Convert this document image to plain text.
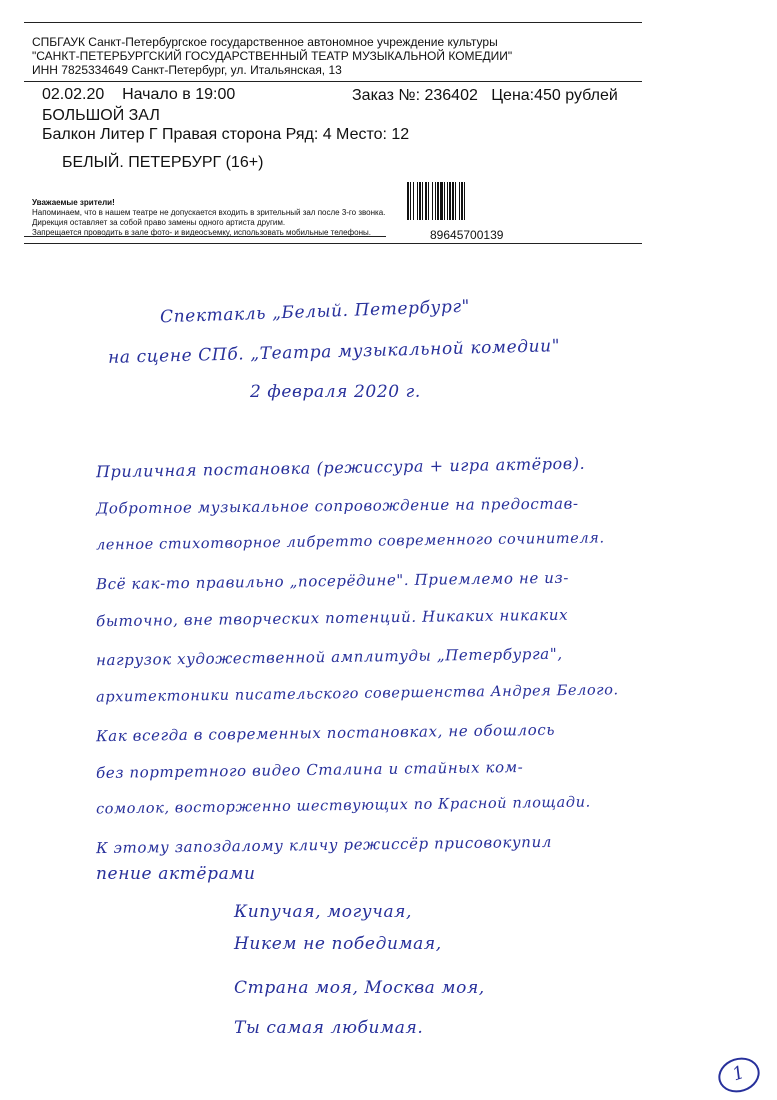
СПБГАУК Санкт-Петербургское государственное автономное учреждение культуры
"САНКТ-ПЕТЕРБУРГСКИЙ ГОСУДАРСТВЕННЫЙ ТЕАТР МУЗЫКАЛЬНОЙ КОМЕДИИ"
ИНН 7825334649 Санкт-Петербург, ул. Итальянская, 13
02.02.20 Начало в 19:00	Заказ №: 236402 Цена:450 рублей
БОЛЬШОЙ ЗАЛ
Балкон Литер Г Правая сторона Ряд: 4 Место: 12
БЕЛЫЙ. ПЕТЕРБУРГ (16+)
Уважаемые зрители!
Напоминаем, что в нашем театре не допускается входить в зрительный зал после 3-го звонка.
Дирекция оставляет за собой право замены одного артиста другим.
Запрещается проводить в зале фото- и видеосъемку, использовать мобильные телефоны.	89645700139
Спектакль „Белый. Петербург"
на сцене СПб. „Театра музыкальной комедии"
2 февраля 2020 г.
Приличная постановка (режиссура + игра актёров).
Добротное музыкальное сопровождение на предостав-
ленное стихотворное либретто современного сочинителя.
Всё как-то правильно „посерёдине". Приемлемо не из-
быточно, вне творческих потенций. Никаких никаких
нагрузок художественной амплитуды „Петербурга",
архитектоники писательского совершенства Андрея Белого.
Как всегда в современных постановках, не обошлось
без портретного видео Сталина и стайных ком-
сомолок, восторженно шествующих по Красной площади.
К этому запоздалому кличу режиссёр присовокупил
пение актёрами
Кипучая, могучая,
Никем не победимая,
Страна моя, Москва моя,
Ты самая любимая.
1
